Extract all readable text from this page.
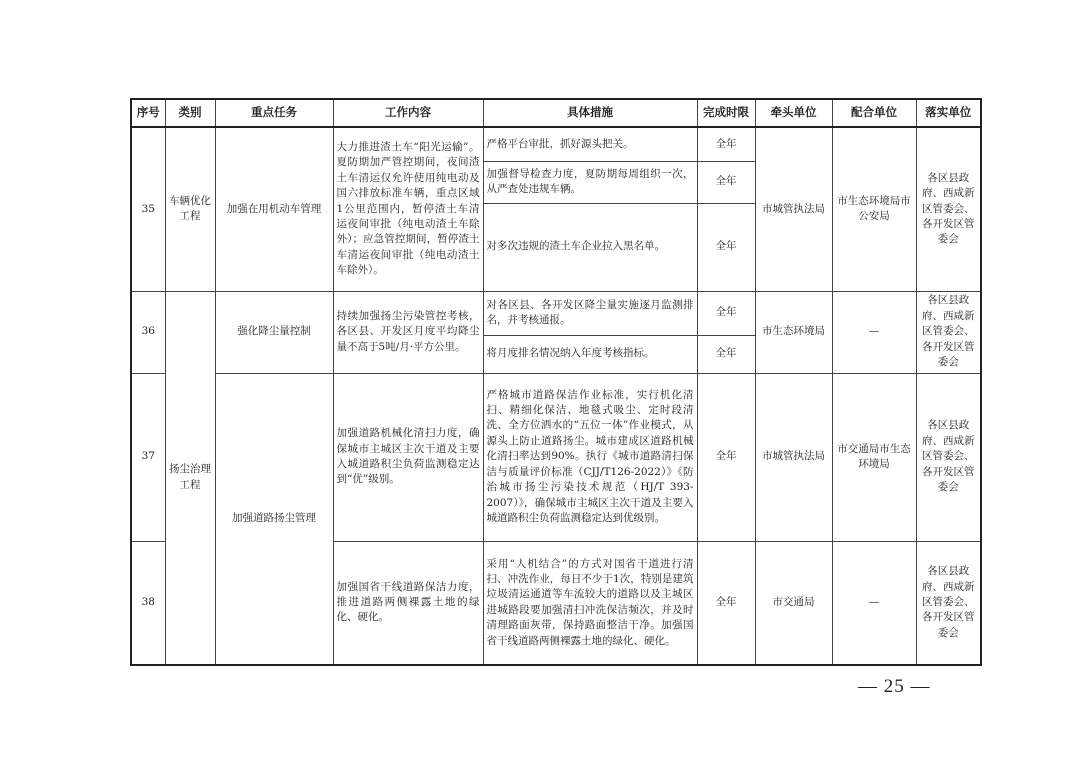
序号	类别	重点任务	工作内容	具体措施	完成时限	牵头单位	配合单位	落实单位
35	车辆优化工程	加强在用机动车管理	大力推进渣土车“阳光运输”。夏防期加严管控期间，夜间渣土车清运仅允许使用纯电动及国六排放标准车辆，重点区域1公里范围内，暂停渣土车清运夜间审批（纯电动渣土车除外）；应急管控期间，暂停渣土车清运夜间审批（纯电动渣土车除外）。	严格平台审批，抓好源头把关。	全年	市城管执法局	市生态环境局市公安局	各区县政府、西咸新区管委会、各开发区管委会
				加强督导检查力度，夏防期每周组织一次，从严查处违规车辆。	全年			
				对多次违规的渣土车企业拉入黑名单。	全年			
36	扬尘治理工程	强化降尘量控制	持续加强扬尘污染管控考核，各区县、开发区月度平均降尘量不高于5吨/月·平方公里。	对各区县、各开发区降尘量实施逐月监测排名，并考核通报。	全年	市生态环境局	—	各区县政府、西咸新区管委会、各开发区管委会
				将月度排名情况纳入年度考核指标。	全年			
37		加强道路扬尘管理	加强道路机械化清扫力度，确保城市主城区主次干道及主要入城道路积尘负荷监测稳定达到“优”级别。	严格城市道路保洁作业标准，实行机化清扫、精细化保洁、地毯式吸尘、定时段清洗、全方位洒水的“五位一体”作业模式，从源头上防止道路扬尘。城市建成区道路机械化清扫率达到90%。执行《城市道路清扫保洁与质量评价标准（CJJ/T126-2022）》《防治城市扬尘污染技术规范（HJ/T 393-2007）》，确保城市主城区主次干道及主要入城道路积尘负荷监测稳定达到优级别。	全年	市城管执法局	市交通局市生态环境局	各区县政府、西咸新区管委会、各开发区管委会
38			加强国省干线道路保洁力度，推进道路两侧裸露土地的绿化、硬化。	采用“人机结合”的方式对国省干道进行清扫、冲洗作业，每日不少于1次，特别是建筑垃圾清运通道等车流较大的道路以及主城区进城路段要加强清扫冲洗保洁频次，并及时清理路面灰带，保持路面整洁干净。加强国省干线道路两侧裸露土地的绿化、硬化。	全年	市交通局	—	各区县政府、西咸新区管委会、各开发区管委会
— 25 —
